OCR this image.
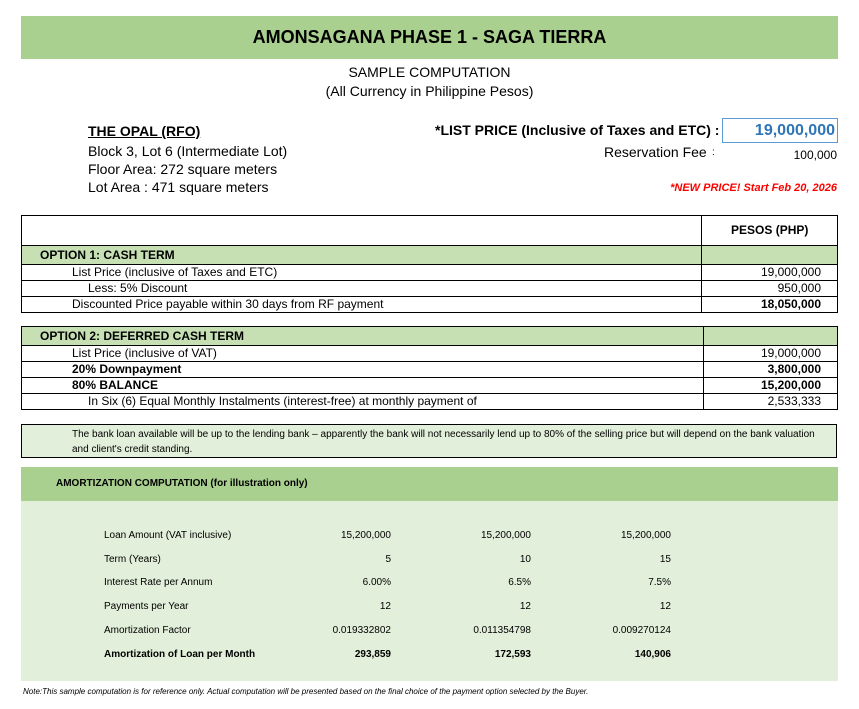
AMONSAGANA PHASE 1 - SAGA TIERRA
SAMPLE COMPUTATION
(All Currency in Philippine Pesos)
THE OPAL (RFO)
Block 3, Lot 6 (Intermediate Lot)
Floor Area: 272 square meters
Lot Area : 471 square meters
*LIST PRICE (Inclusive of Taxes and ETC) :	19,000,000
Reservation Fee :	100,000
*NEW PRICE! Start Feb 20, 2026
	PESOS (PHP)
OPTION 1: CASH TERM	
List Price (inclusive of Taxes and ETC)	19,000,000
Less: 5% Discount	950,000
Discounted Price payable within 30 days from RF payment	18,050,000
OPTION 2: DEFERRED CASH TERM	
List Price (inclusive of VAT)	19,000,000
20% Downpayment	3,800,000
80% BALANCE	15,200,000
In Six (6) Equal Monthly Instalments (interest-free) at monthly payment of	2,533,333
The bank loan available will be up to the lending bank – apparently the bank will not necessarily lend up to 80% of the selling price but will depend on the bank valuation and client's credit standing.
AMORTIZATION COMPUTATION (for illustration only)
Loan Amount (VAT inclusive)	15,200,000	15,200,000	15,200,000
Term (Years)	5	10	15
Interest Rate per Annum	6.00%	6.5%	7.5%
Payments per Year	12	12	12
Amortization Factor	0.019332802	0.011354798	0.009270124
Amortization of Loan per Month	293,859	172,593	140,906
Note:This sample computation is for reference only. Actual computation will be presented based on the final choice of the payment option selected by the Buyer.
